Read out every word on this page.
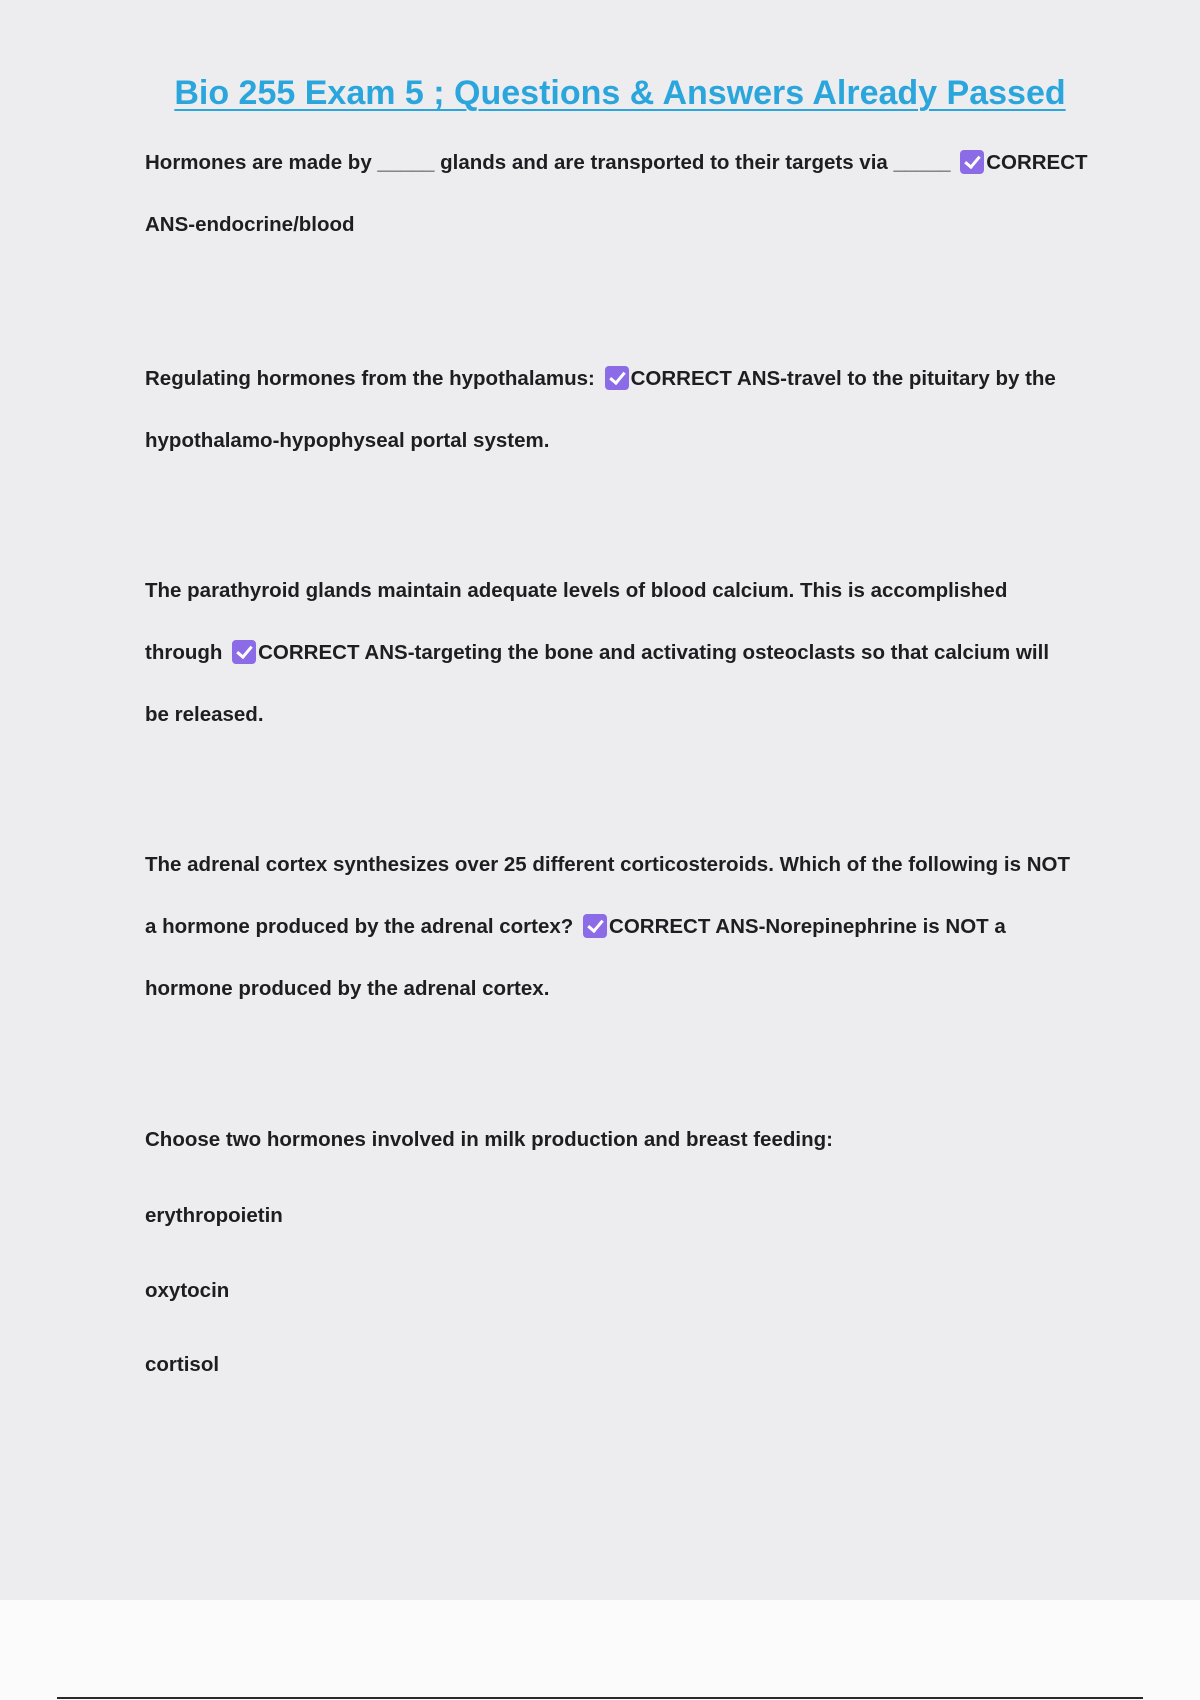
Bio 255 Exam 5 ; Questions & Answers Already Passed

Hormones are made by _____ glands and are transported to their targets via _____ CORRECT

ANS-endocrine/blood

Regulating hormones from the hypothalamus: CORRECT ANS-travel to the pituitary by the

hypothalamo-hypophyseal portal system.

The parathyroid glands maintain adequate levels of blood calcium. This is accomplished

through CORRECT ANS-targeting the bone and activating osteoclasts so that calcium will

be released.

The adrenal cortex synthesizes over 25 different corticosteroids. Which of the following is NOT

a hormone produced by the adrenal cortex? CORRECT ANS-Norepinephrine is NOT a

hormone produced by the adrenal cortex.

Choose two hormones involved in milk production and breast feeding:

erythropoietin

oxytocin

cortisol
